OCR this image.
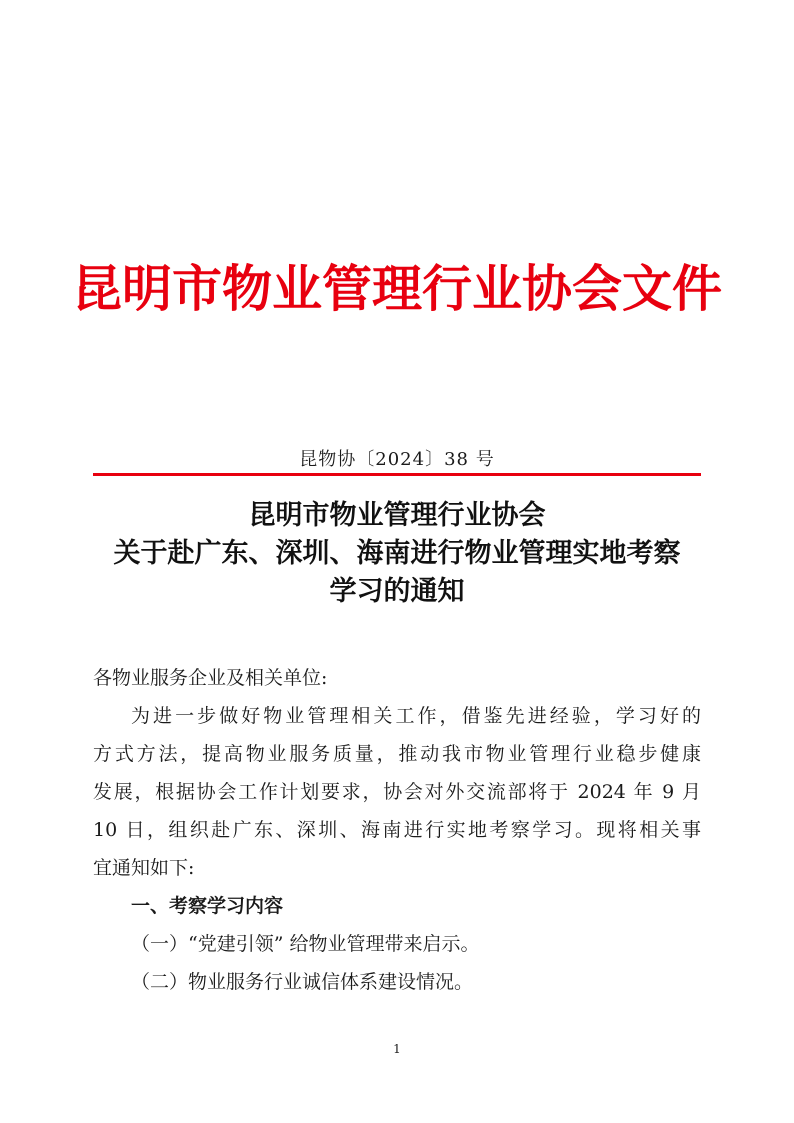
昆明市物业管理行业协会文件
昆物协〔2024〕38 号
昆明市物业管理行业协会
关于赴广东、深圳、海南进行物业管理实地考察
学习的通知
各物业服务企业及相关单位:
为进一步做好物业管理相关工作，借鉴先进经验，学习好的
方式方法，提高物业服务质量，推动我市物业管理行业稳步健康
发展，根据协会工作计划要求，协会对外交流部将于 2024 年 9 月
10 日，组织赴广东、深圳、海南进行实地考察学习。现将相关事
宜通知如下:
一、考察学习内容
（一）“党建引领” 给物业管理带来启示。
（二）物业服务行业诚信体系建设情况。
1
